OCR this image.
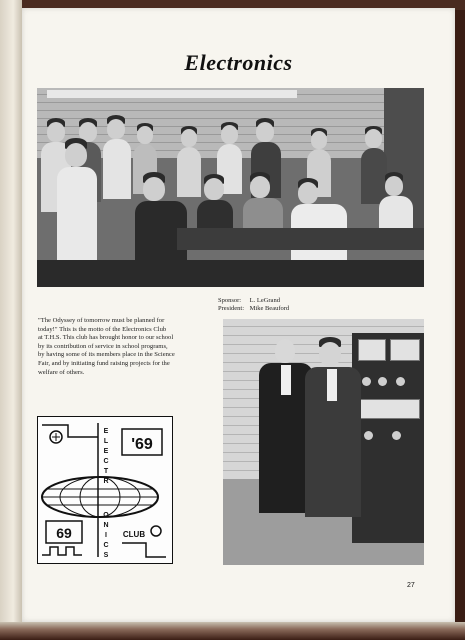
Electronics
Sponsor: L. LeGrand
President: Mike Beauford
"The Odyssey of tomorrow must be planned for
today!" This is the motto of the Electronics Club
at T.H.S. This club has brought honor to our school
by its contribution of service in school programs,
by having some of its members place in the Science
Fair, and by initiating fund raising projects for the
welfare of others.
'69
69	CLUB
E
L
E
C
T
R
O
N
I
C
S
27
